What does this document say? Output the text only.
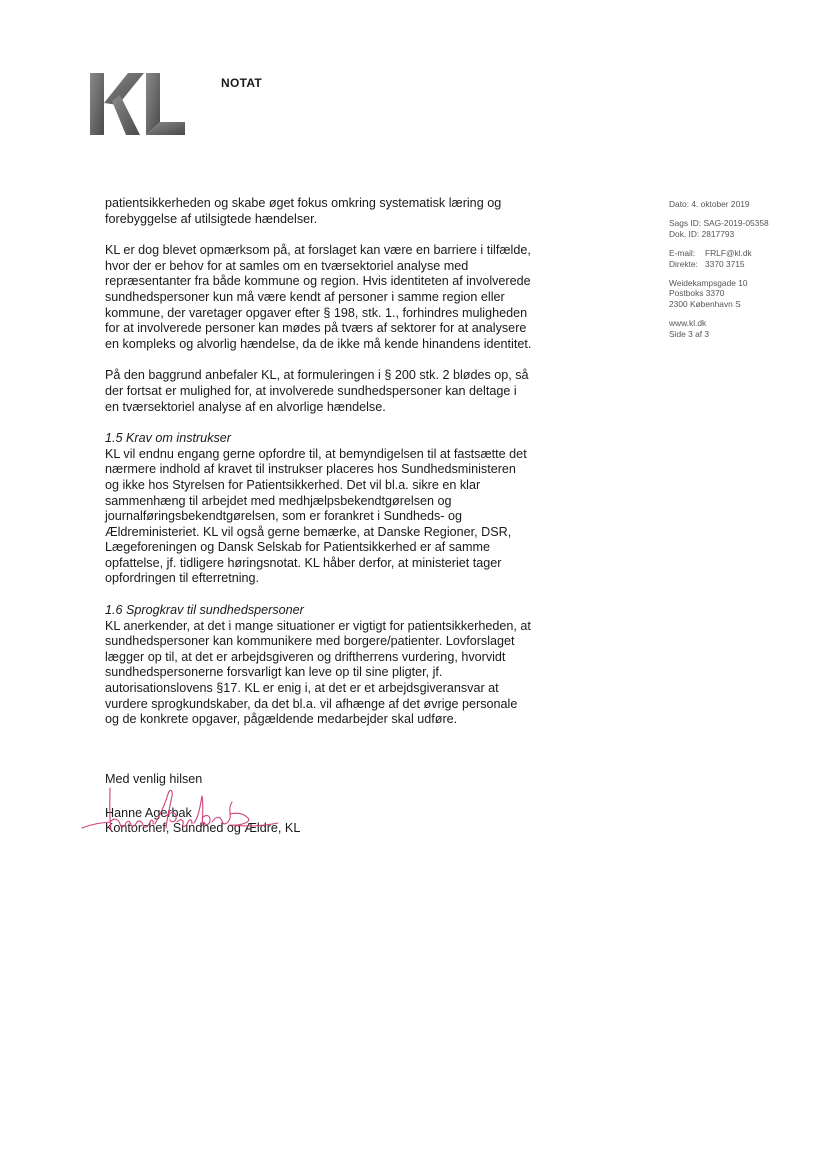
NOTAT

patientsikkerheden og skabe øget fokus omkring systematisk læring og
forebyggelse af utilsigtede hændelser.

KL er dog blevet opmærksom på, at forslaget kan være en barriere i tilfælde,
hvor der er behov for at samles om en tværsektoriel analyse med
repræsentanter fra både kommune og region. Hvis identiteten af involverede
sundhedspersoner kun må være kendt af personer i samme region eller
kommune, der varetager opgaver efter § 198, stk. 1., forhindres muligheden
for at involverede personer kan mødes på tværs af sektorer for at analysere
en kompleks og alvorlig hændelse, da de ikke må kende hinandens identitet.

På den baggrund anbefaler KL, at formuleringen i § 200 stk. 2 blødes op, så
der fortsat er mulighed for, at involverede sundhedspersoner kan deltage i
en tværsektoriel analyse af en alvorlige hændelse.

1.5 Krav om instrukser
KL vil endnu engang gerne opfordre til, at bemyndigelsen til at fastsætte det
nærmere indhold af kravet til instrukser placeres hos Sundhedsministeren
og ikke hos Styrelsen for Patientsikkerhed. Det vil bl.a. sikre en klar
sammenhæng til arbejdet med medhjælpsbekendtgørelsen og
journalføringsbekendtgørelsen, som er forankret i Sundheds- og
Ældreministeriet. KL vil også gerne bemærke, at Danske Regioner, DSR,
Lægeforeningen og Dansk Selskab for Patientsikkerhed er af samme
opfattelse, jf. tidligere høringsnotat. KL håber derfor, at ministeriet tager
opfordringen til efterretning.

1.6 Sprogkrav til sundhedspersoner
KL anerkender, at det i mange situationer er vigtigt for patientsikkerheden, at
sundhedspersoner kan kommunikere med borgere/patienter. Lovforslaget
lægger op til, at det er arbejdsgiveren og driftherrens vurdering, hvorvidt
sundhedspersonerne forsvarligt kan leve op til sine pligter, jf.
autorisationslovens §17. KL er enig i, at det er et arbejdsgiveransvar at
vurdere sprogkundskaber, da det bl.a. vil afhænge af det øvrige personale
og de konkrete opgaver, pågældende medarbejder skal udføre.

Med venlig hilsen
Hanne Agerbak
Kontorchef, Sundhed og Ældre, KL
Dato: 4. oktober 2019
Sags ID: SAG-2019-05358
Dok. ID: 2817793
E-mail: FRLF@kl.dk
Direkte: 3370 3715
Weidekampsgade 10
Postboks 3370
2300 København S
www.kl.dk
Side 3 af 3
